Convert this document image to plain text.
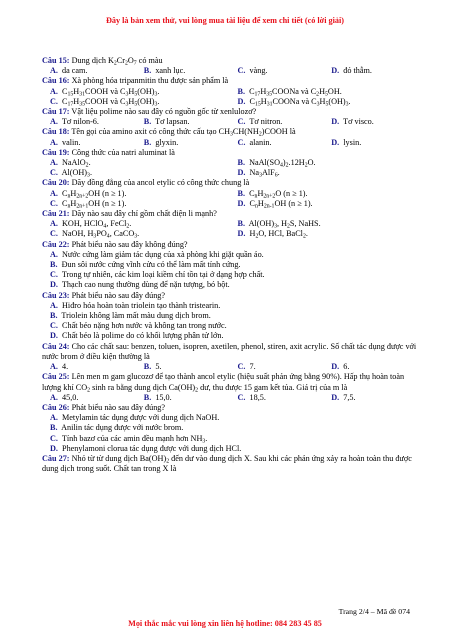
Đây là bản xem thử, vui lòng mua tài liệu để xem chi tiết (có lời giải)
Câu 15: Dung dịch $K_2Cr_2O_7$ có màu
A. da cam.	B. xanh lục.	C. vàng.	D. đỏ thẫm.
Câu 16: Xà phòng hóa tripanmitin thu được sản phẩm là
A. $C_{15}H_{31}COOH$ và $C_3H_5(OH)_3$.	B. $C_{17}H_{35}COONa$ và $C_2H_5OH$.
C. $C_{17}H_{35}COOH$ và $C_3H_5(OH)_3$.	D. $C_{15}H_{31}COONa$ và $C_3H_5(OH)_3$.
Câu 17: Vật liệu polime nào sau đây có nguồn gốc từ xenlulozơ?
A. Tơ nilon-6.	B. Tơ lapsan.	C. Tơ nitron.	D. Tơ visco.
Câu 18: Tên gọi của amino axit có công thức cấu tạo $CH_3CH(NH_2)COOH$ là
A. valin.	B. glyxin.	C. alanin.	D. lysin.
Câu 19: Công thức của natri aluminat là
A. NaAlO$_2$.	B. $NaAl(SO_4)_2.12H_2O$.
C. $Al(OH)_3$.	D. $Na_3AlF_6$.
Câu 20: Dãy đồng đẳng của ancol etylic có công thức chung là
A. $C_nH_{2n+2}OH$ (n ≥ 1).	B. $C_nH_{2n+2}O$ (n ≥ 1).
C. $C_nH_{2n+1}OH$ (n ≥ 1).	D. $C_nH_{2n-1}OH$ (n ≥ 1).
Câu 21: Dãy nào sau đây chỉ gồm chất điện li mạnh?
A. KOH, HClO$_4$, FeCl$_2$.	B. $Al(OH)_3$, $H_2S$, NaHS.
C. NaOH, $H_3PO_4$, CaCO$_3$.	D. $H_2O$, HCl, BaCl$_2$.
Câu 22: Phát biểu nào sau đây không đúng?
A. Nước cứng làm giảm tác dụng của xà phòng khi giặt quần áo.
B. Đun sôi nước cứng vĩnh cửu có thể làm mất tính cứng.
C. Trong tự nhiên, các kim loại kiềm chỉ tồn tại ở dạng hợp chất.
D. Thạch cao nung thường dùng để nặn tượng, bó bột.
Câu 23: Phát biểu nào sau đây đúng?
A. Hiđro hóa hoàn toàn triolein tạo thành tristearin.
B. Triolein không làm mất màu dung dịch brom.
C. Chất béo nặng hơn nước và không tan trong nước.
D. Chất béo là polime do có khối lượng phân tử lớn.
Câu 24: Cho các chất sau: benzen, toluen, isopren, axetilen, phenol, stiren, axit acrylic. Số chất tác dụng được với nước brom ở điều kiện thường là
A. 4.	B. 5.	C. 7.	D. 6.
Câu 25: Lên men m gam glucozơ để tạo thành ancol etylic (hiệu suất phản ứng bằng 90%). Hấp thụ hoàn toàn lượng khí $CO_2$ sinh ra bằng dung dịch $Ca(OH)_2$ dư, thu được 15 gam kết tủa. Giá trị của m là
A. 45,0.	B. 15,0.	C. 18,5.	D. 7,5.
Câu 26: Phát biểu nào sau đây đúng?
A. Metylamin tác dụng được với dung dịch NaOH.
B. Anilin tác dụng được với nước brom.
C. Tính bazơ của các amin đều mạnh hơn $NH_3$.
D. Phenylamoni clorua tác dụng được với dung dịch HCl.
Câu 27: Nhỏ từ từ dung dịch $Ba(OH)_2$ đến dư vào dung dịch X. Sau khi các phản ứng xảy ra hoàn toàn thu được dung dịch trong suốt. Chất tan trong X là
Trang 2/4 – Mã đề 074
Mọi thắc mắc vui lòng xin liên hệ hotline: 084 283 45 85
